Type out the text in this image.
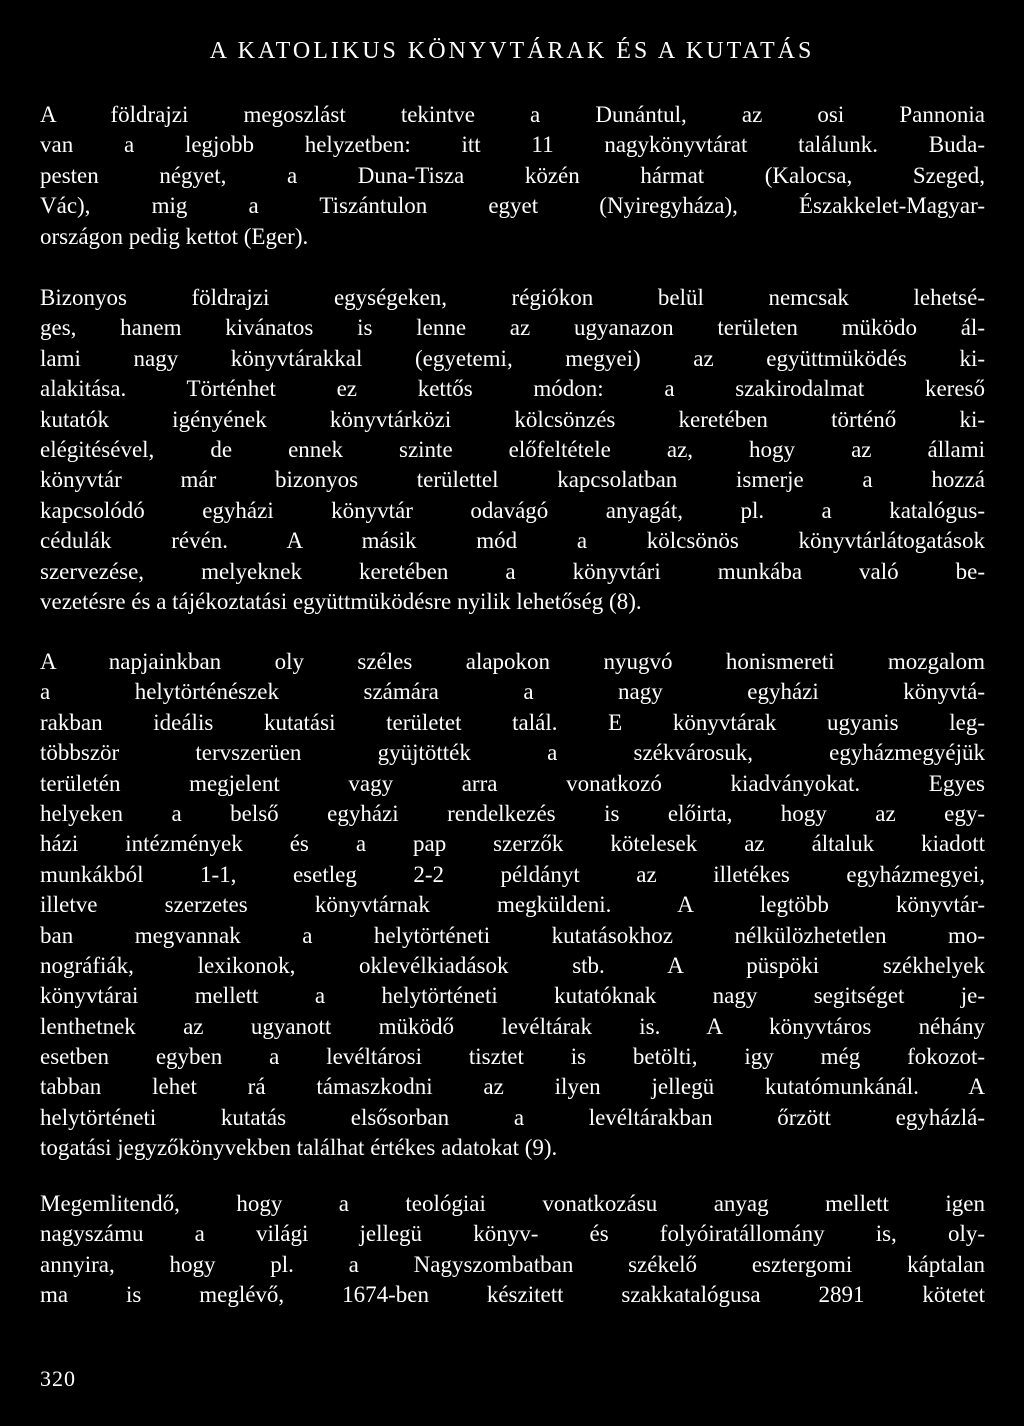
A KATOLIKUS KÖNYVTÁRAK ÉS A KUTATÁS
A földrajzi megoszlást tekintve a Dunántul, az osi Pannonia
van a legjobb helyzetben: itt 11 nagykönyvtárat találunk. Buda-
pesten négyet, a Duna-Tisza közén hármat (Kalocsa, Szeged,
Vác), mig a Tiszántulon egyet (Nyiregyháza), Északkelet-Magyar-
országon pedig kettot (Eger).
Bizonyos földrajzi egységeken, régiókon belül nemcsak lehetsé-
ges, hanem kivánatos is lenne az ugyanazon területen müködo ál-
lami nagy könyvtárakkal (egyetemi, megyei) az együttmüködés ki-
alakitása. Történhet ez kettős módon: a szakirodalmat kereső
kutatók igényének könyvtárközi kölcsönzés keretében történő ki-
elégitésével, de ennek szinte előfeltétele az, hogy az állami
könyvtár már bizonyos területtel kapcsolatban ismerje a hozzá
kapcsolódó egyházi könyvtár odavágó anyagát, pl. a katalógus-
cédulák révén. A másik mód a kölcsönös könyvtárlátogatások
szervezése, melyeknek keretében a könyvtári munkába való be-
vezetésre és a tájékoztatási együttmüködésre nyilik lehetőség (8).
A napjainkban oly széles alapokon nyugvó honismereti mozgalom
a helytörténészek számára a nagy egyházi könyvtá-
rakban ideális kutatási területet talál. E könyvtárak ugyanis leg-
többször tervszerüen gyüjtötték a székvárosuk, egyházmegyéjük
területén megjelent vagy arra vonatkozó kiadványokat. Egyes
helyeken a belső egyházi rendelkezés is előirta, hogy az egy-
házi intézmények és a pap szerzők kötelesek az általuk kiadott
munkákból 1-1, esetleg 2-2 példányt az illetékes egyházmegyei,
illetve szerzetes könyvtárnak megküldeni. A legtöbb könyvtár-
ban megvannak a helytörténeti kutatásokhoz nélkülözhetetlen mo-
nográfiák, lexikonok, oklevélkiadások stb. A püspöki székhelyek
könyvtárai mellett a helytörténeti kutatóknak nagy segitséget je-
lenthetnek az ugyanott müködő levéltárak is. A könyvtáros néhány
esetben egyben a levéltárosi tisztet is betölti, igy még fokozot-
tabban lehet rá támaszkodni az ilyen jellegü kutatómunkánál. A
helytörténeti kutatás elsősorban a levéltárakban őrzött egyházlá-
togatási jegyzőkönyvekben találhat értékes adatokat (9).
Megemlitendő, hogy a teológiai vonatkozásu anyag mellett igen
nagyszámu a világi jellegü könyv- és folyóiratállomány is, oly-
annyira, hogy pl. a Nagyszombatban székelő esztergomi káptalan
ma is meglévő, 1674-ben készitett szakkatalógusa 2891 kötetet

320
